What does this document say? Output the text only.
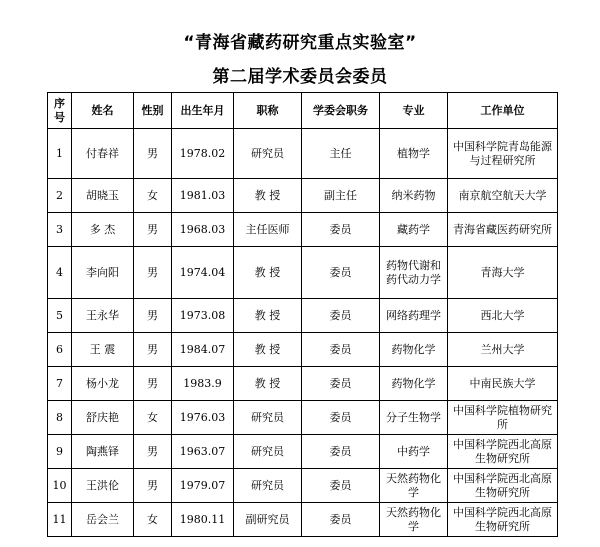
“青海省藏药研究重点实验室”
第二届学术委员会委员
序号	姓名	性别	出生年月	职称	学委会职务	专业	工作单位
1	付春祥	男	1978.02	研究员	主任	植物学	中国科学院青岛能源与过程研究所
2	胡晓玉	女	1981.03	教 授	副主任	纳米药物	南京航空航天大学
3	多 杰	男	1968.03	主任医师	委员	藏药学	青海省藏医药研究所
4	李向阳	男	1974.04	教 授	委员	药物代谢和药代动力学	青海大学
5	王永华	男	1973.08	教 授	委员	网络药理学	西北大学
6	王 震	男	1984.07	教 授	委员	药物化学	兰州大学
7	杨小龙	男	1983.9	教 授	委员	药物化学	中南民族大学
8	舒庆艳	女	1976.03	研究员	委员	分子生物学	中国科学院植物研究所
9	陶燕铎	男	1963.07	研究员	委员	中药学	中国科学院西北高原生物研究所
10	王洪伦	男	1979.07	研究员	委员	天然药物化学	中国科学院西北高原生物研究所
11	岳会兰	女	1980.11	副研究员	委员	天然药物化学	中国科学院西北高原生物研究所
